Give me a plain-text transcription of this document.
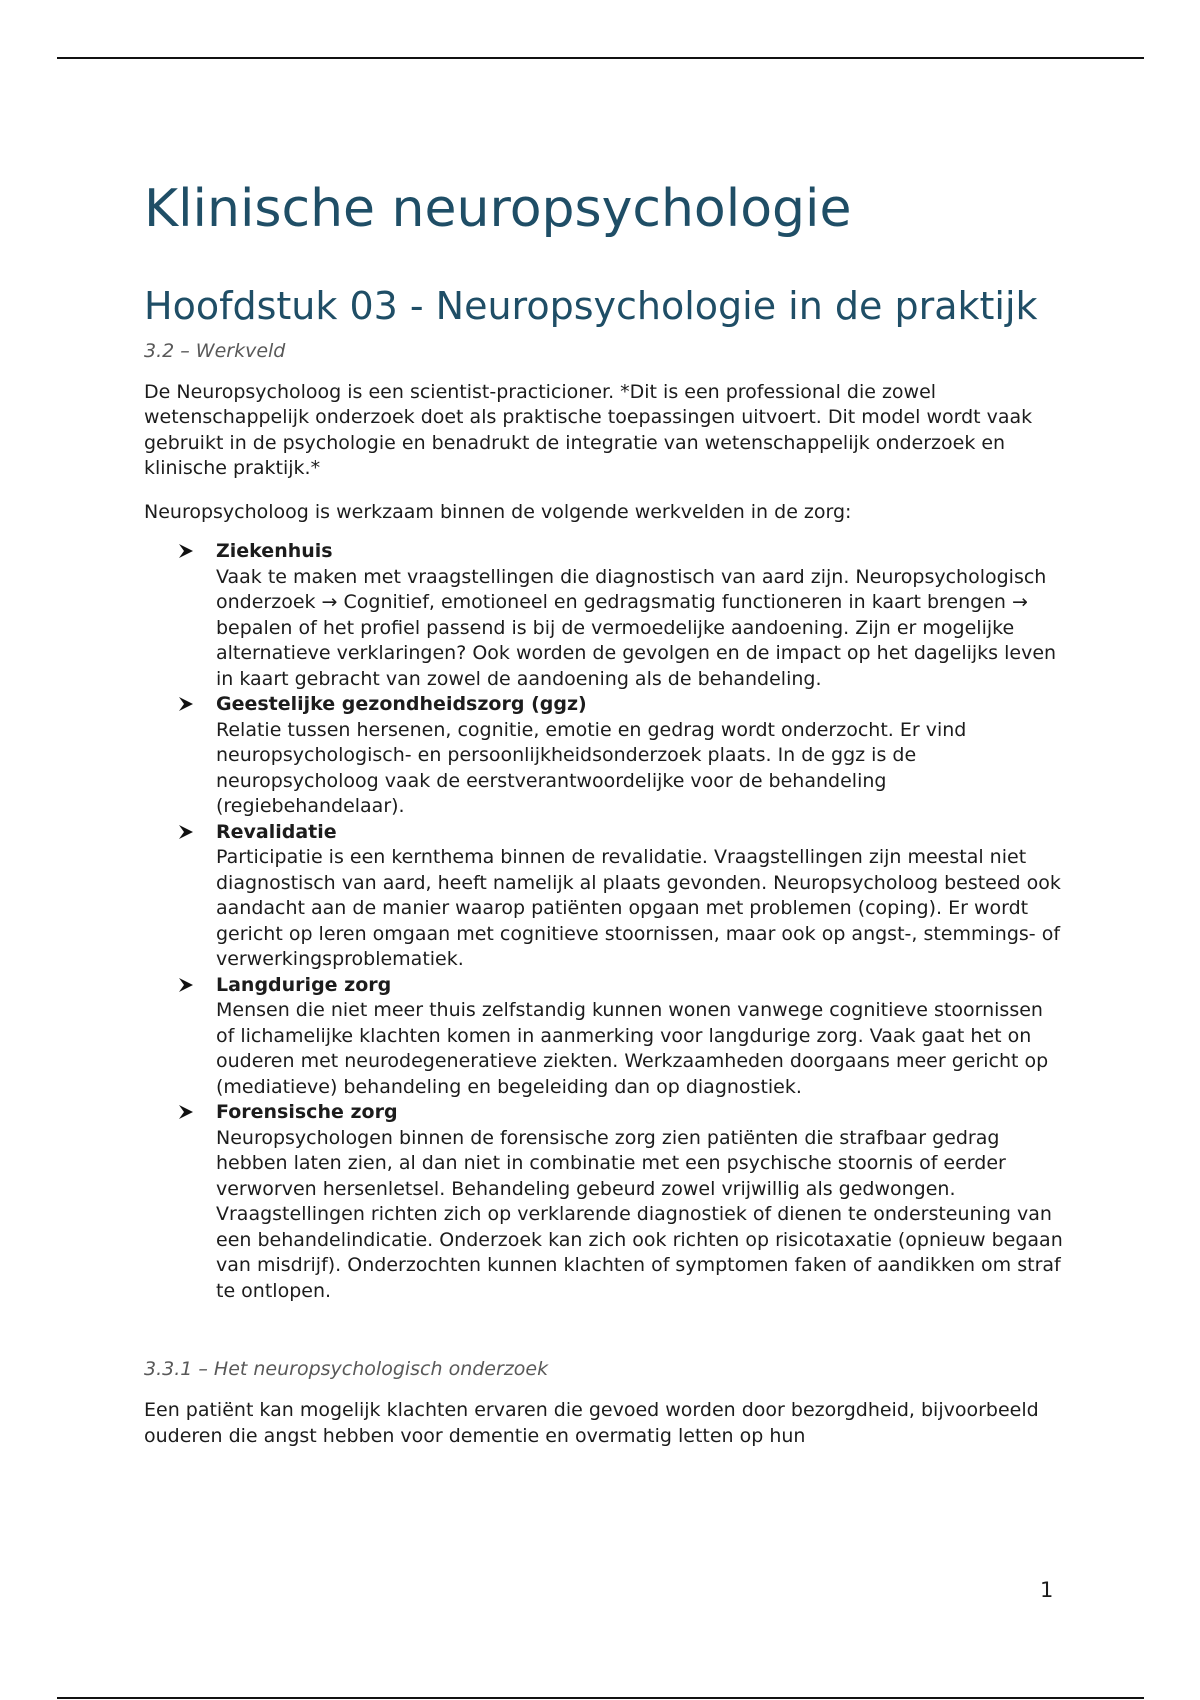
Klinische neuropsychologie
Hoofdstuk 03 - Neuropsychologie in de praktijk
3.2 – Werkveld

De Neuropsycholoog is een scientist-practicioner. *Dit is een professional die zowel wetenschappelijk onderzoek doet als praktische toepassingen uitvoert. Dit model wordt vaak gebruikt in de psychologie en benadrukt de integratie van wetenschappelijk onderzoek en klinische praktijk.*

Neuropsycholoog is werkzaam binnen de volgende werkvelden in de zorg:

Ziekenhuis
Vaak te maken met vraagstellingen die diagnostisch van aard zijn. Neuropsychologisch onderzoek → Cognitief, emotioneel en gedragsmatig functioneren in kaart brengen → bepalen of het profiel passend is bij de vermoedelijke aandoening. Zijn er mogelijke alternatieve verklaringen? Ook worden de gevolgen en de impact op het dagelijks leven in kaart gebracht van zowel de aandoening als de behandeling.
Geestelijke gezondheidszorg (ggz)
Relatie tussen hersenen, cognitie, emotie en gedrag wordt onderzocht. Er vind neuropsychologisch- en persoonlijkheidsonderzoek plaats. In de ggz is de neuropsycholoog vaak de eerstverantwoordelijke voor de behandeling (regiebehandelaar).
Revalidatie
Participatie is een kernthema binnen de revalidatie. Vraagstellingen zijn meestal niet diagnostisch van aard, heeft namelijk al plaats gevonden. Neuropsycholoog besteed ook aandacht aan de manier waarop patiënten opgaan met problemen (coping). Er wordt gericht op leren omgaan met cognitieve stoornissen, maar ook op angst-, stemmings- of verwerkingsproblematiek.
Langdurige zorg
Mensen die niet meer thuis zelfstandig kunnen wonen vanwege cognitieve stoornissen of lichamelijke klachten komen in aanmerking voor langdurige zorg. Vaak gaat het on ouderen met neurodegeneratieve ziekten. Werkzaamheden doorgaans meer gericht op (mediatieve) behandeling en begeleiding dan op diagnostiek.
Forensische zorg
Neuropsychologen binnen de forensische zorg zien patiënten die strafbaar gedrag hebben laten zien, al dan niet in combinatie met een psychische stoornis of eerder verworven hersenletsel. Behandeling gebeurd zowel vrijwillig als gedwongen. Vraagstellingen richten zich op verklarende diagnostiek of dienen te ondersteuning van een behandelindicatie. Onderzoek kan zich ook richten op risicotaxatie (opnieuw begaan van misdrijf). Onderzochten kunnen klachten of symptomen faken of aandikken om straf te ontlopen.
3.3.1 – Het neuropsychologisch onderzoek

Een patiënt kan mogelijk klachten ervaren die gevoed worden door bezorgdheid, bijvoorbeeld ouderen die angst hebben voor dementie en overmatig letten op hun

1
